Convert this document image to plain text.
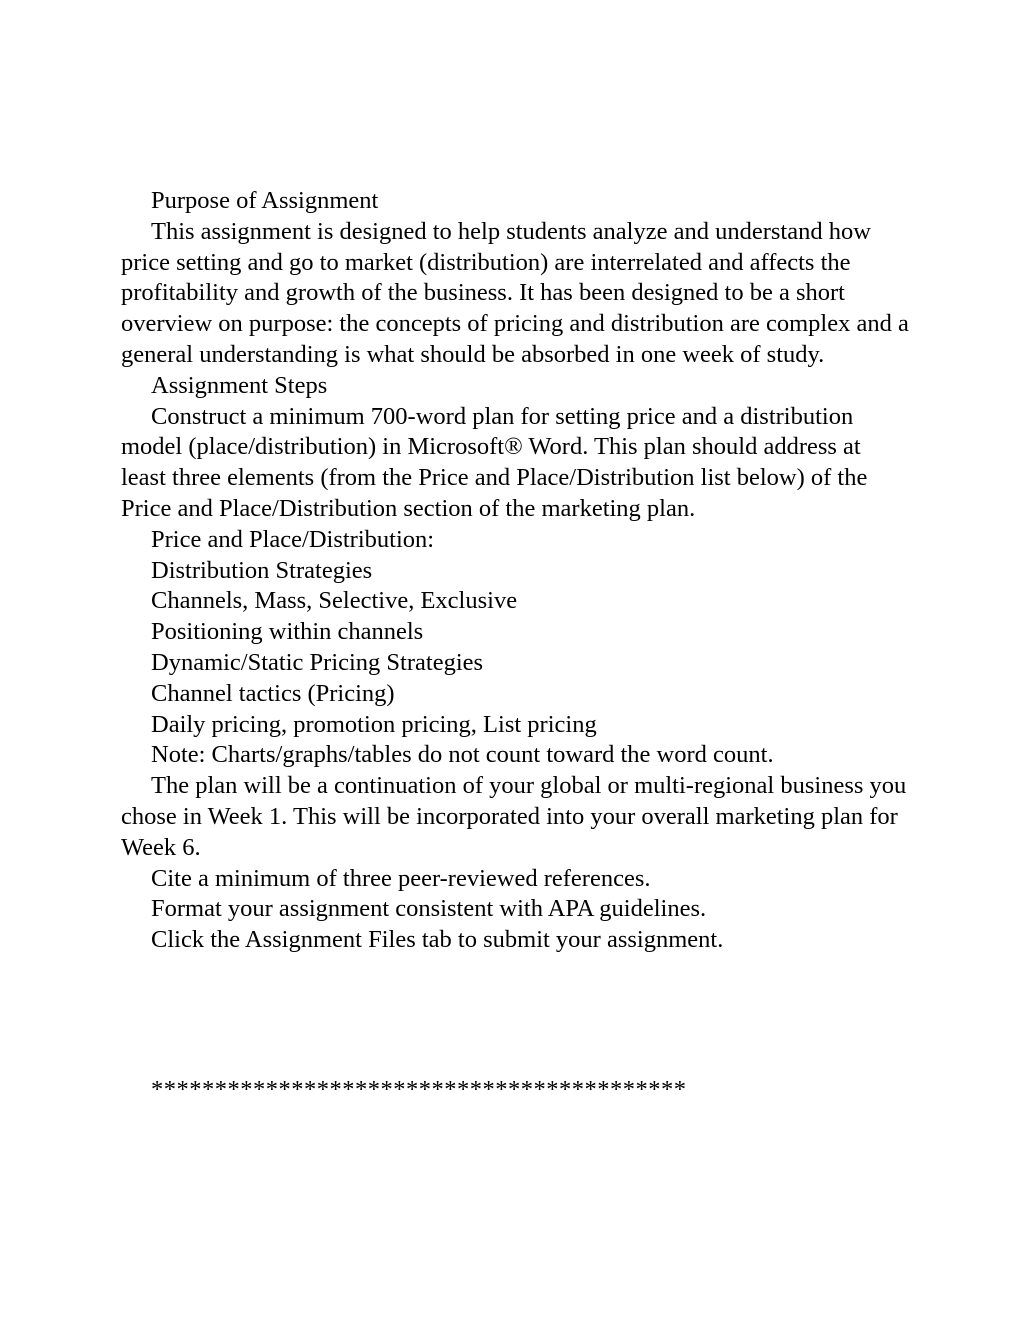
Purpose of Assignment

This assignment is designed to help students analyze and understand how price setting and go to market (distribution) are interrelated and affects the profitability and growth of the business. It has been designed to be a short overview on purpose: the concepts of pricing and distribution are complex and a general understanding is what should be absorbed in one week of study.

Assignment Steps

Construct a minimum 700-word plan for setting price and a distribution model (place/distribution) in Microsoft® Word. This plan should address at least three elements (from the Price and Place/Distribution list below) of the Price and Place/Distribution section of the marketing plan.

Price and Place/Distribution:

Distribution Strategies

Channels, Mass, Selective, Exclusive

Positioning within channels

Dynamic/Static Pricing Strategies

Channel tactics (Pricing)

Daily pricing, promotion pricing, List pricing

Note: Charts/graphs/tables do not count toward the word count.

The plan will be a continuation of your global or multi-regional business you chose in Week 1. This will be incorporated into your overall marketing plan for Week 6.

Cite a minimum of three peer-reviewed references.

Format your assignment consistent with APA guidelines.

Click the Assignment Files tab to submit your assignment.

******************************************
